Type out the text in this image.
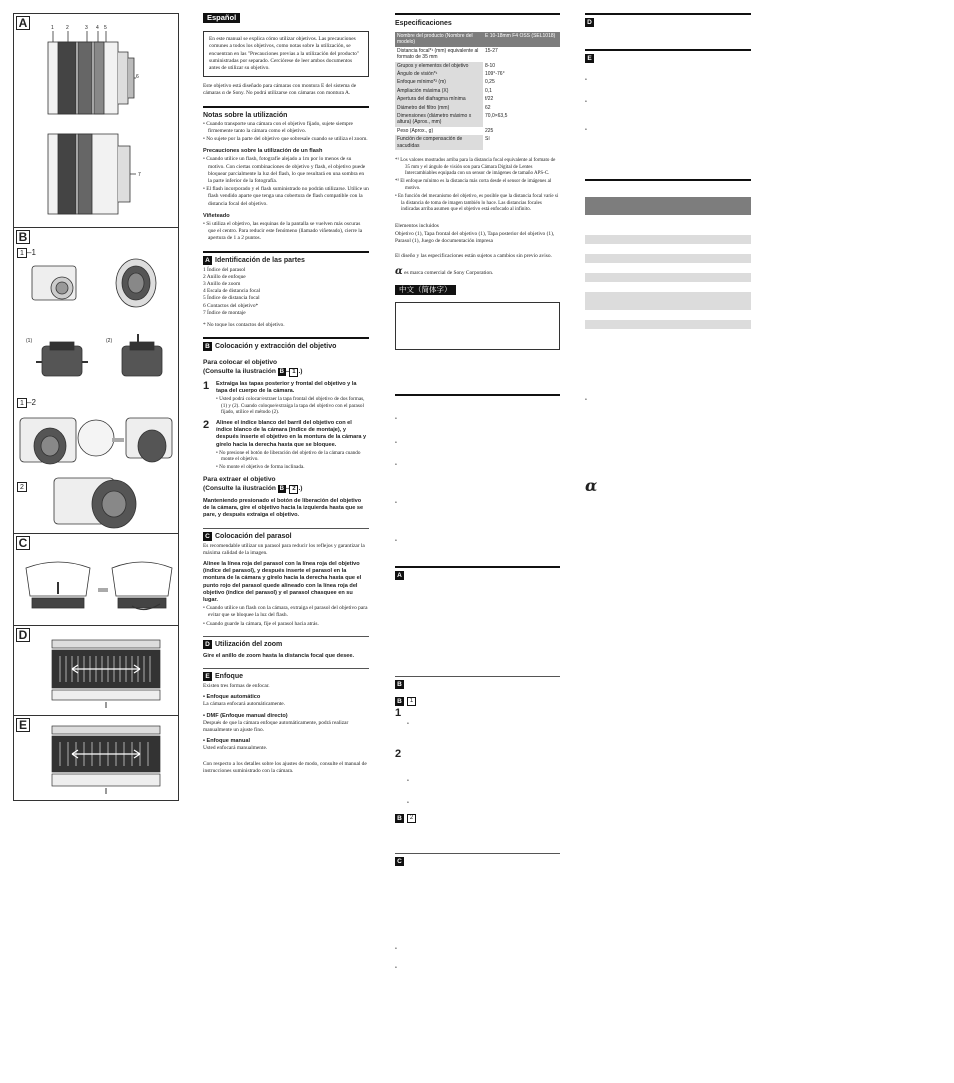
A	1 2	3 4 5
6
7
B
1 –1
(1)	(2)
1 –2
2
C
D
E
Español
En este manual se explica cómo utilizar objetivos. Las precauciones comunes a todos los objetivos, como notas sobre la utilización, se encuentran en las "Precauciones previas a la utilización del producto" suministradas por separado. Cerciórese de leer ambos documentos antes de utilizar su objetivo.
Este objetivo está diseñado para cámaras con montura E del sistema de cámaras α de Sony. No podrá utilizarse con cámaras con montura A.
Notas sobre la utilización
• Cuando transporte una cámara con el objetivo fijado, sujete siempre firmemente tanto la cámara como el objetivo.
• No sujete por la parte del objetivo que sobresale cuando se utiliza el zoom.
Precauciones sobre la utilización de un flash
• Cuando utilice un flash, fotografíe alejado a 1m por lo menos de su motivo. Con ciertas combinaciones de objetivo y flash, el objetivo puede bloquear parcialmente la luz del flash, lo que resultará en una sombra en la parte inferior de la fotografía.
• El flash incorporado y el flash suministrado no podrán utilizarse. Utilice un flash vendido aparte que tenga una cobertura de flash compatible con la distancia focal del objetivo.
Viñeteado
• Si utiliza el objetivo, las esquinas de la pantalla se vuelven más oscuras que el centro. Para reducir este fenómeno (llamado viñeteado), cierre la apertura de 1 a 2 puntos.
A Identificación de las partes
1 Índice del parasol
2 Anillo de enfoque
3 Anillo de zoom
4 Escala de distancia focal
5 Índice de distancia focal
6 Contactos del objetivo*
7 Índice de montaje
* No toque los contactos del objetivo.
B Colocación y extracción del objetivo
Para colocar el objetivo
(Consulte la ilustración B – 1 .)
1	Extraiga las tapas posterior y frontal del objetivo y la tapa del cuerpo de la cámara.
• Usted podrá colocar/extraer la tapa frontal del objetivo de dos formas, (1) y (2). Cuando coloque/extraiga la tapa del objetivo con el parasol fijado, utilice el método (2).
2	Alinee el índice blanco del barril del objetivo con el índice blanco de la cámara (índice de montaje), y después inserte el objetivo en la montura de la cámara y gírelo hacia la derecha hasta que se bloquee.
• No presione el botón de liberación del objetivo de la cámara cuando monte el objetivo.
• No monte el objetivo de forma inclinada.
Para extraer el objetivo
(Consulte la ilustración B – 2 .)
Manteniendo presionado el botón de liberación del objetivo de la cámara, gire el objetivo hacia la izquierda hasta que se pare, y después extraiga el objetivo.
C Colocación del parasol
Es recomendable utilizar un parasol para reducir los reflejos y garantizar la máxima calidad de la imagen.
Alinee la línea roja del parasol con la línea roja del objetivo (índice del parasol), y después inserte el parasol en la montura de la cámara y gírelo hacia la derecha hasta que el punto rojo del parasol quede alineado con la línea roja del objetivo (índice del parasol) y el parasol chasquee en su lugar.
• Cuando utilice un flash con la cámara, extraiga el parasol del objetivo para evitar que se bloquee la luz del flash.
• Cuando guarde la cámara, fije el parasol hacia atrás.
D Utilización del zoom
Gire el anillo de zoom hasta la distancia focal que desee.
E Enfoque
Existen tres formas de enfocar.
• Enfoque automático
La cámara enfocará automáticamente.
• DMF (Enfoque manual directo)
Después de que la cámara enfoque automáticamente, podrá realizar manualmente un ajuste fino.
• Enfoque manual
Usted enfocará manualmente.
Con respecto a los detalles sobre los ajustes de modo, consulte el manual de instrucciones suministrado con la cámara.
Especificaciones
Nombre del producto (Nombre del modelo)	E 10-18mm F4 OSS (SEL1018)
Distancia focal*¹ (mm) equivalente al formato de 35 mm	15-27
Grupos y elementos del objetivo	8-10
Ángulo de visión*¹	109°-76°
Enfoque mínimo*² (m)	0,25
Ampliación máxima (X)	0,1
Apertura del diafragma mínima	f/22
Diámetro del filtro (mm)	62
Dimensiones (diámetro máximo x altura) (Aprox., mm)	70,0×63,5
Peso (Aprox., g)	225
Función de compensación de sacudidas	Sí
*¹ Los valores mostrados arriba para la distancia focal equivalente al formato de 35 mm y el ángulo de visión son para Cámara Digital de Lentes Intercambiables equipada con un sensor de imágenes de tamaño APS-C.
*² El enfoque mínimo es la distancia más corta desde el sensor de imágenes al motivo.
• En función del mecanismo del objetivo, es posible que la distancia focal varíe si la distancia de toma de imagen también lo hace. Las distancias focales indicadas arriba asumen que el objetivo está enfocado al infinito.
Elementos incluidos
Objetivo (1), Tapa frontal del objetivo (1), Tapa posterior del objetivo (1), Parasol (1), Juego de documentación impresa
El diseño y las especificaciones están sujetos a cambios sin previo aviso.
α es marca comercial de Sony Corporation.
中文（简体字）
•
•
•
•
•
A
B
B 1
1
•
2
•
•
B 2
C
•
•
D
E
•
•
•
•
α
